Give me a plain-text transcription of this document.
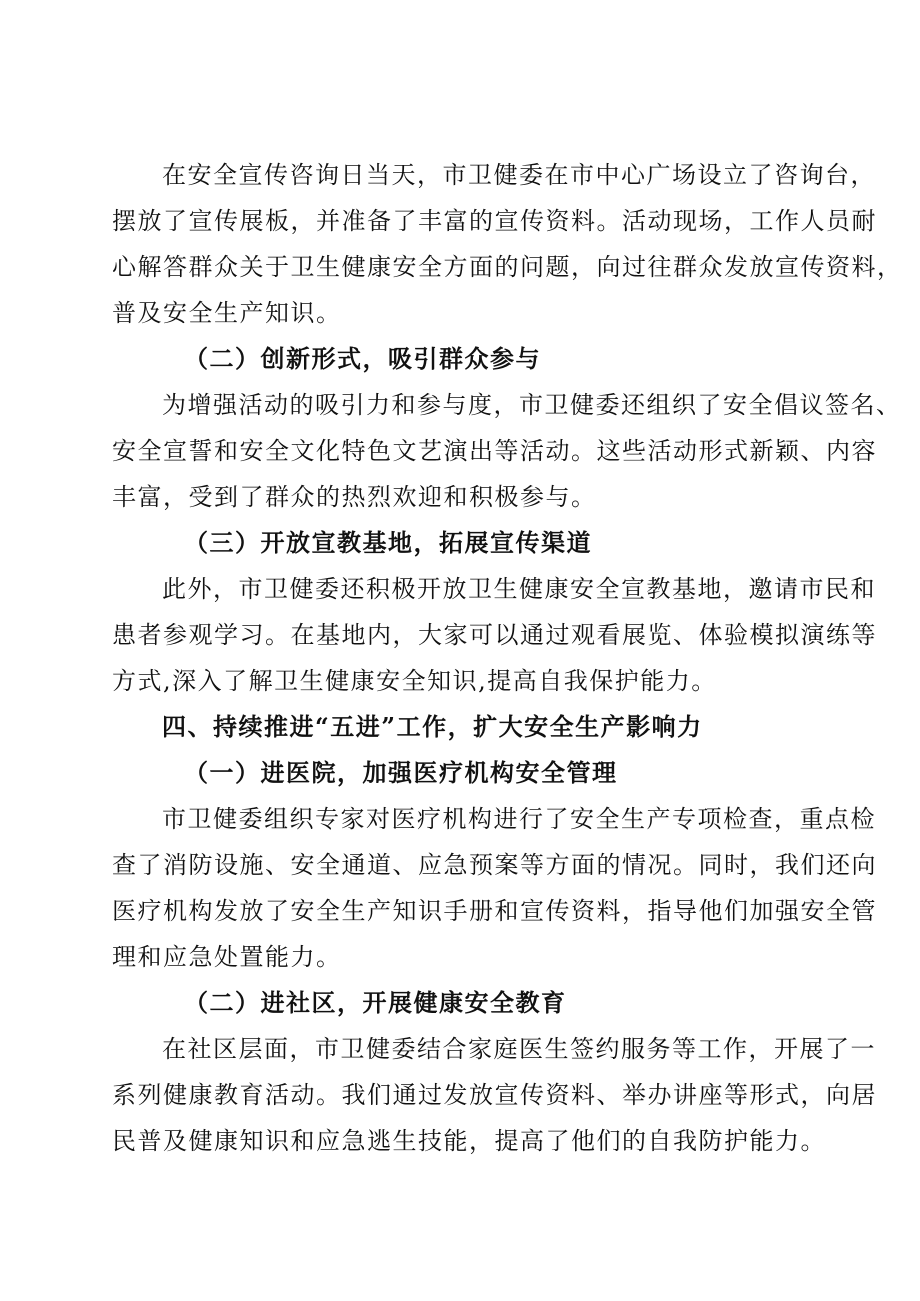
在安全宣传咨询日当天，市卫健委在市中心广场设立了咨询台，
摆放了宣传展板，并准备了丰富的宣传资料。活动现场，工作人员耐
心解答群众关于卫生健康安全方面的问题，向过往群众发放宣传资料，
普及安全生产知识。
（二）创新形式，吸引群众参与
为增强活动的吸引力和参与度，市卫健委还组织了安全倡议签名、
安全宣誓和安全文化特色文艺演出等活动。这些活动形式新颖、内容
丰富，受到了群众的热烈欢迎和积极参与。
（三）开放宣教基地，拓展宣传渠道
此外，市卫健委还积极开放卫生健康安全宣教基地，邀请市民和
患者参观学习。在基地内，大家可以通过观看展览、体验模拟演练等
方式,深入了解卫生健康安全知识,提高自我保护能力。
四、持续推进“五进”工作，扩大安全生产影响力
（一）进医院，加强医疗机构安全管理
市卫健委组织专家对医疗机构进行了安全生产专项检查，重点检
查了消防设施、安全通道、应急预案等方面的情况。同时，我们还向
医疗机构发放了安全生产知识手册和宣传资料，指导他们加强安全管
理和应急处置能力。
（二）进社区，开展健康安全教育
在社区层面，市卫健委结合家庭医生签约服务等工作，开展了一
系列健康教育活动。我们通过发放宣传资料、举办讲座等形式，向居
民普及健康知识和应急逃生技能，提高了他们的自我防护能力。
